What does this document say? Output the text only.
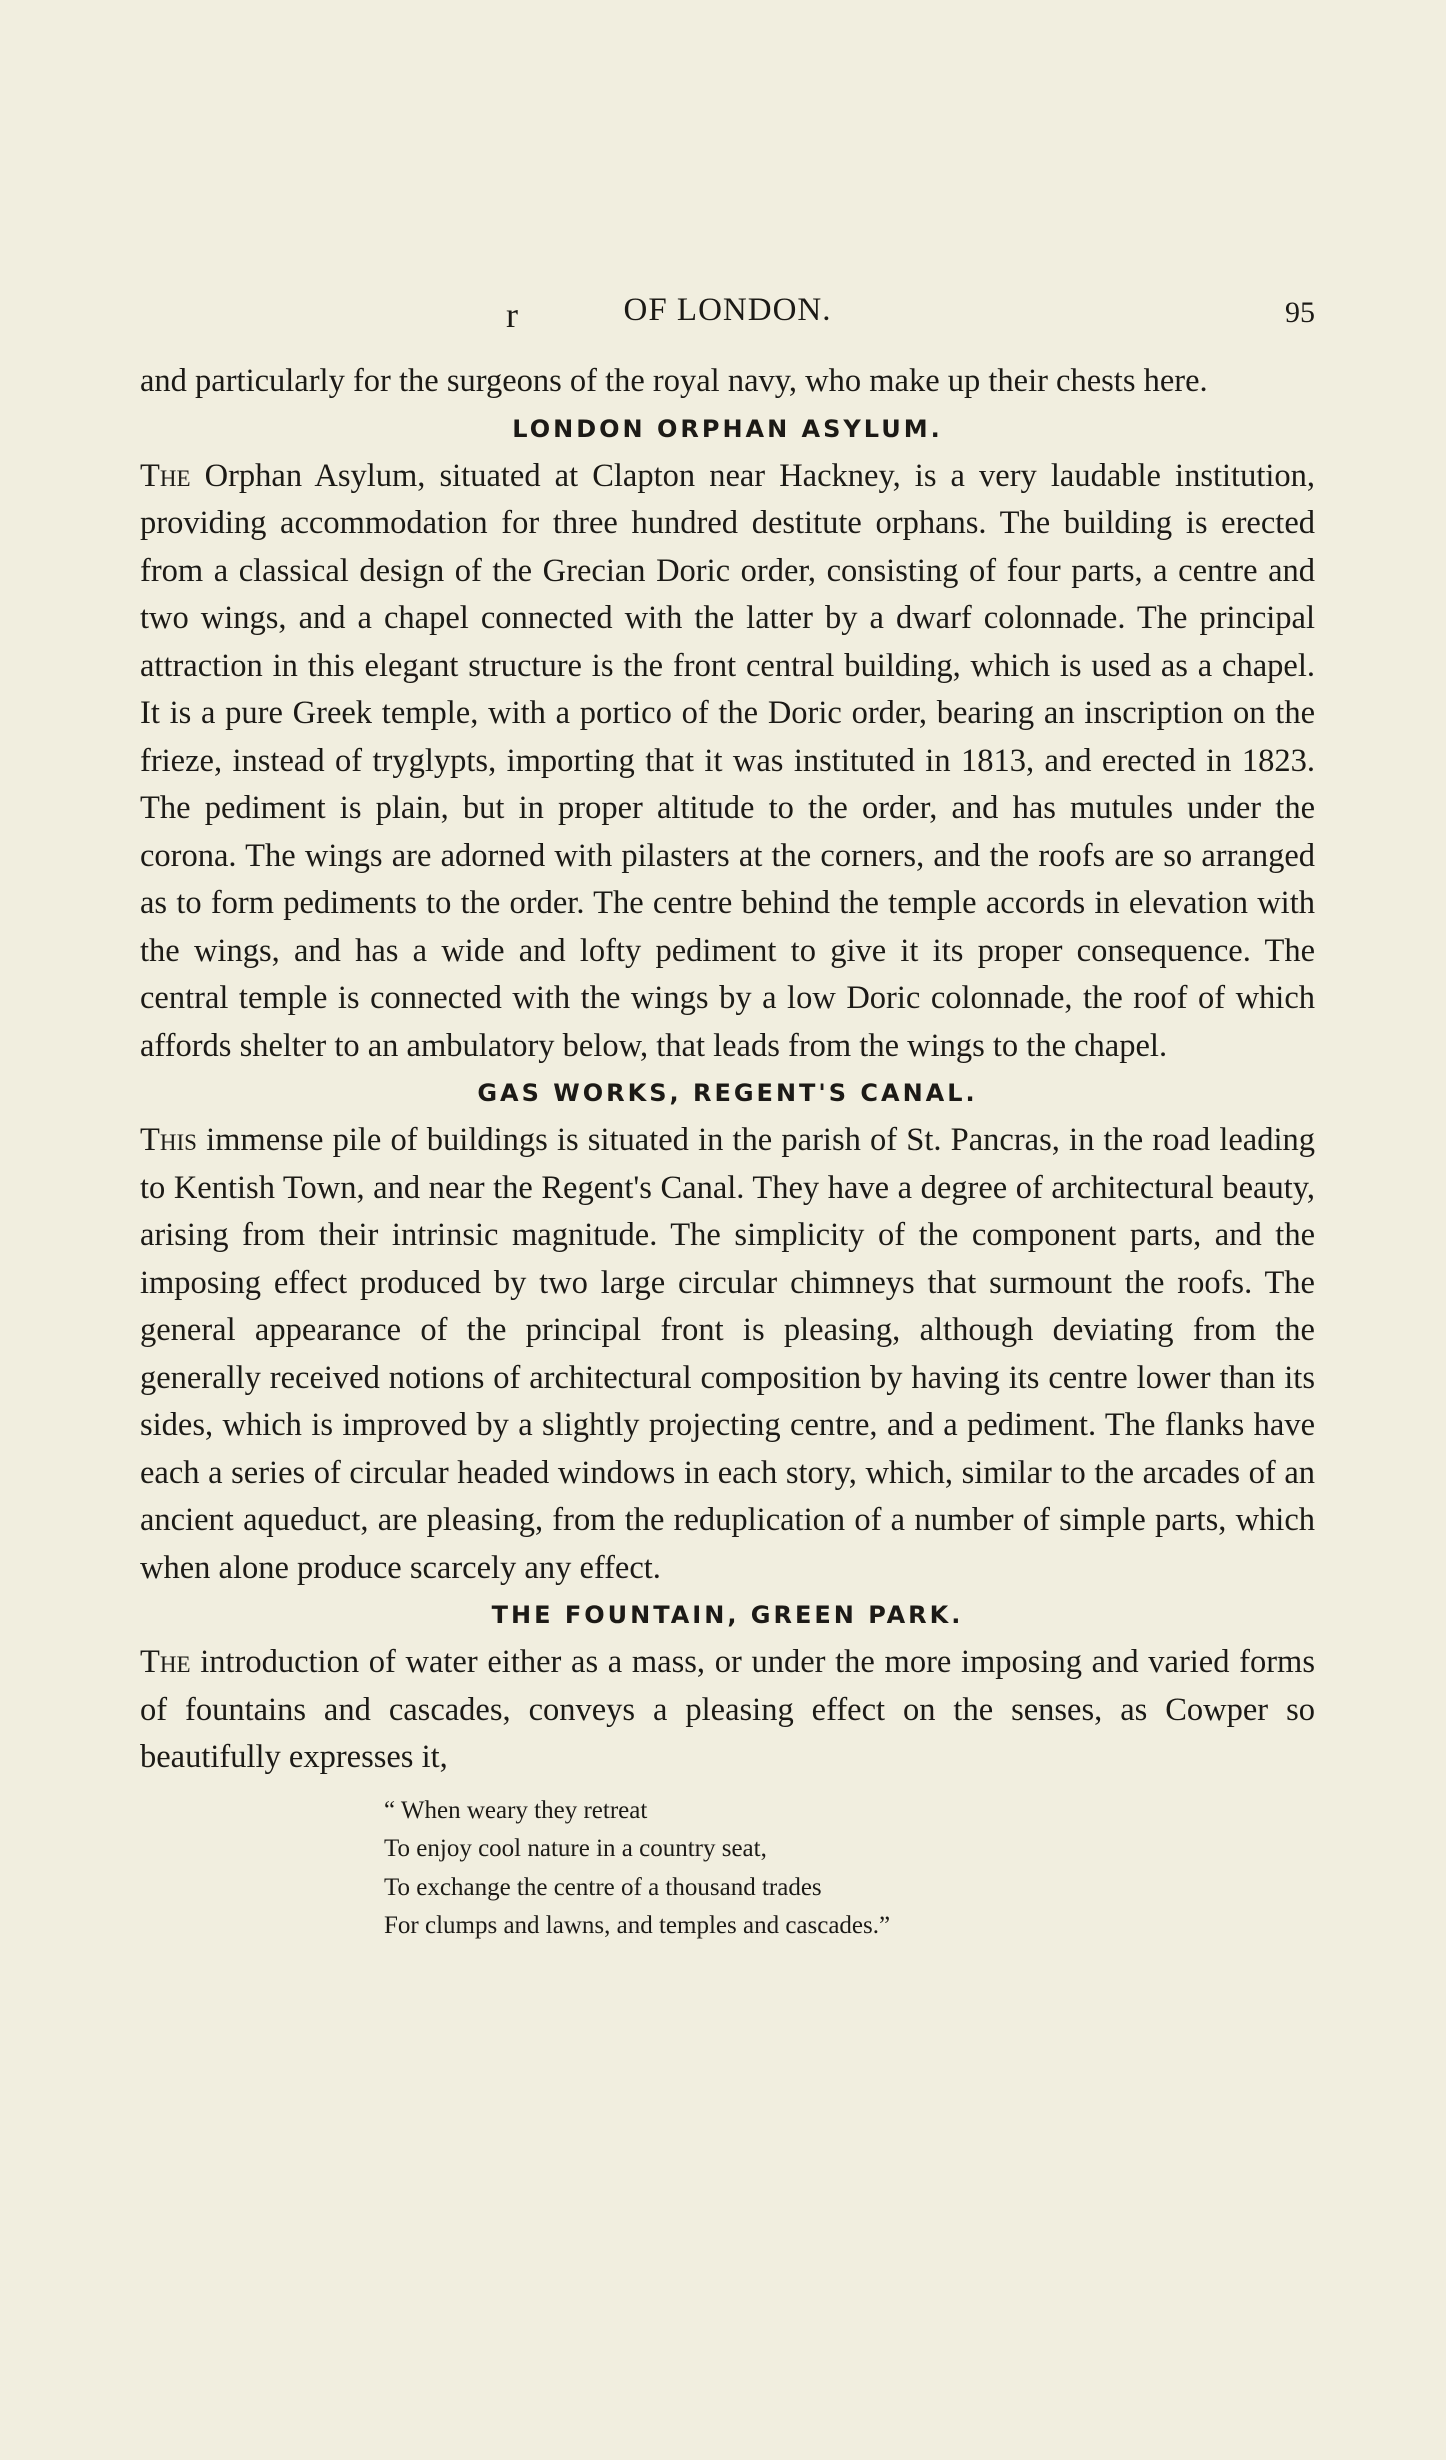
r	OF LONDON.	95

and particularly for the surgeons of the royal navy, who make up their chests here.

LONDON ORPHAN ASYLUM.

The Orphan Asylum, situated at Clapton near Hackney, is a very laudable institution, providing accommodation for three hundred destitute orphans. The building is erected from a classical design of the Grecian Doric order, consisting of four parts, a centre and two wings, and a chapel connected with the latter by a dwarf colonnade. The principal attraction in this elegant structure is the front central building, which is used as a chapel. It is a pure Greek temple, with a portico of the Doric order, bearing an inscription on the frieze, instead of tryglypts, importing that it was instituted in 1813, and erected in 1823. The pediment is plain, but in proper altitude to the order, and has mutules under the corona. The wings are adorned with pilasters at the corners, and the roofs are so arranged as to form pediments to the order. The centre behind the temple accords in elevation with the wings, and has a wide and lofty pediment to give it its proper consequence. The central temple is connected with the wings by a low Doric colonnade, the roof of which affords shelter to an ambulatory below, that leads from the wings to the chapel.

GAS WORKS, REGENT'S CANAL.

This immense pile of buildings is situated in the parish of St. Pancras, in the road leading to Kentish Town, and near the Regent's Canal. They have a degree of architectural beauty, arising from their intrinsic magnitude. The simplicity of the component parts, and the imposing effect produced by two large circular chimneys that surmount the roofs. The general appearance of the principal front is pleasing, although deviating from the generally received notions of architectural composition by having its centre lower than its sides, which is improved by a slightly projecting centre, and a pediment. The flanks have each a series of circular headed windows in each story, which, similar to the arcades of an ancient aqueduct, are pleasing, from the reduplication of a number of simple parts, which when alone produce scarcely any effect.

THE FOUNTAIN, GREEN PARK.

The introduction of water either as a mass, or under the more imposing and varied forms of fountains and cascades, conveys a pleasing effect on the senses, as Cowper so beautifully expresses it,

“ When weary they retreat
To enjoy cool nature in a country seat,
To exchange the centre of a thousand trades
For clumps and lawns, and temples and cascades.”
